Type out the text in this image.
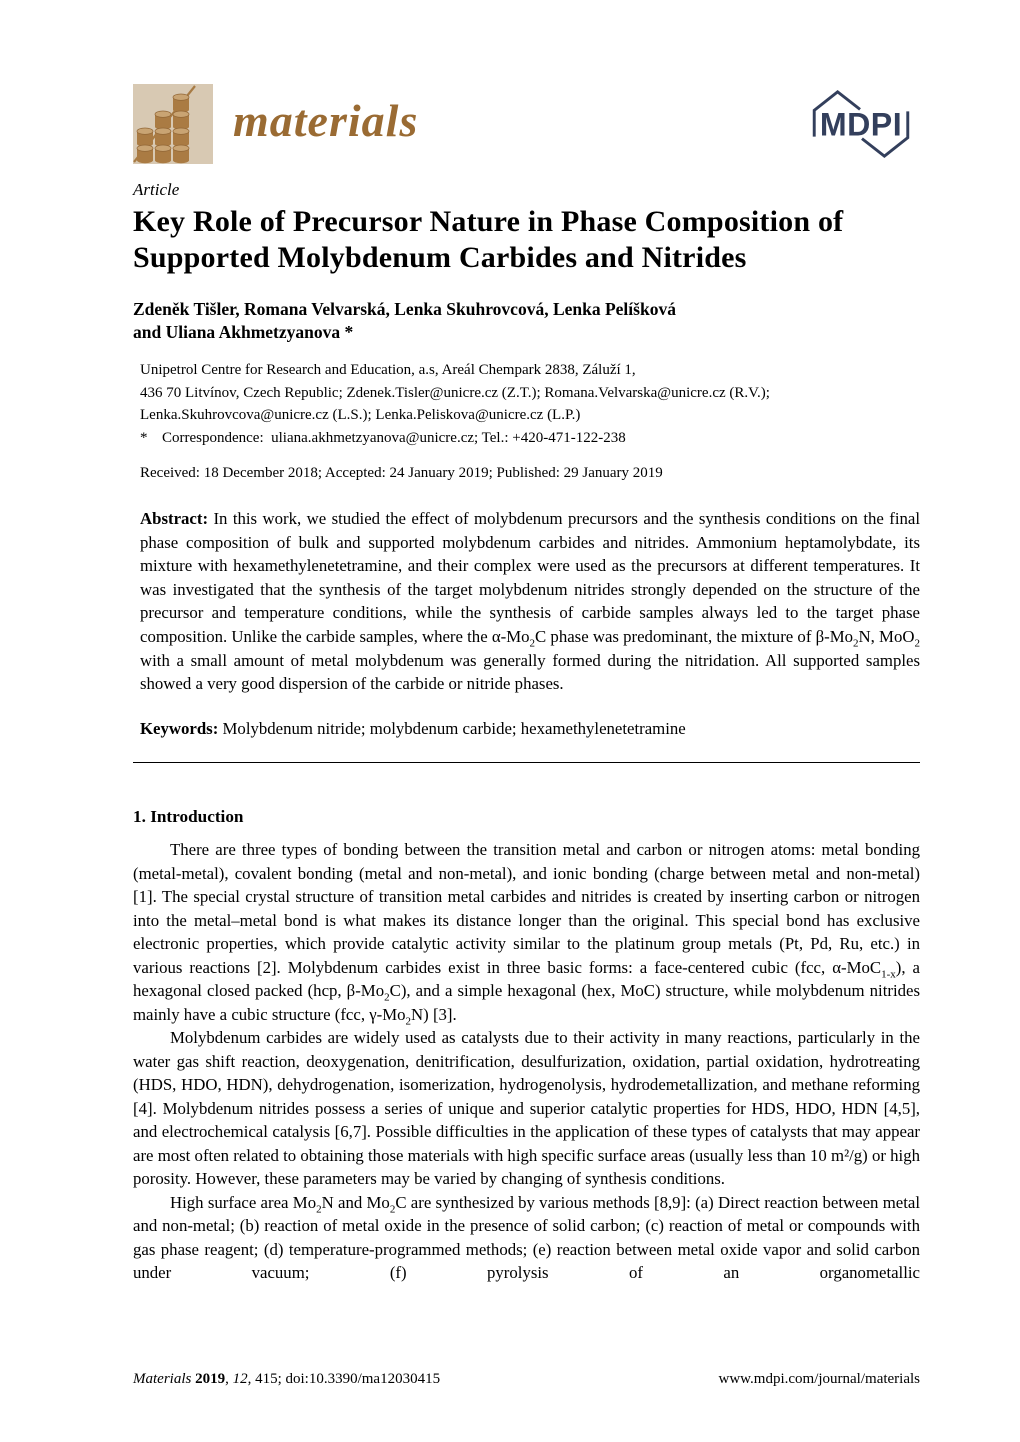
materials	MDPI
Article
Key Role of Precursor Nature in Phase Composition of Supported Molybdenum Carbides and Nitrides
Zdeněk Tišler, Romana Velvarská, Lenka Skuhrovcová, Lenka Pelíšková
and Uliana Akhmetzyanova *
Unipetrol Centre for Research and Education, a.s, Areál Chempark 2838, Záluží 1,
436 70 Litvínov, Czech Republic; Zdenek.Tisler@unicre.cz (Z.T.); Romana.Velvarska@unicre.cz (R.V.);
Lenka.Skuhrovcova@unicre.cz (L.S.); Lenka.Peliskova@unicre.cz (L.P.)
* Correspondence:  uliana.akhmetzyanova@unicre.cz; Tel.: +420-471-122-238
Received: 18 December 2018; Accepted: 24 January 2019; Published: 29 January 2019

Abstract: In this work, we studied the effect of molybdenum precursors and the synthesis conditions on the final phase composition of bulk and supported molybdenum carbides and nitrides. Ammonium heptamolybdate, its mixture with hexamethylenetetramine, and their complex were used as the precursors at different temperatures. It was investigated that the synthesis of the target molybdenum nitrides strongly depended on the structure of the precursor and temperature conditions, while the synthesis of carbide samples always led to the target phase composition. Unlike the carbide samples, where the $\alpha-Mo_2C$ phase was predominant, the mixture of $\beta-Mo_2N$, MoO$_2$ with a small amount of metal molybdenum was generally formed during the nitridation. All supported samples showed a very good dispersion of the carbide or nitride phases.

Keywords: Molybdenum nitride; molybdenum carbide; hexamethylenetetramine

1. Introduction

There are three types of bonding between the transition metal and carbon or nitrogen atoms: metal bonding (metal-metal), covalent bonding (metal and non-metal), and ionic bonding (charge between metal and non-metal) [1]. The special crystal structure of transition metal carbides and nitrides is created by inserting carbon or nitrogen into the metal–metal bond is what makes its distance longer than the original. This special bond has exclusive electronic properties, which provide catalytic activity similar to the platinum group metals (Pt, Pd, Ru, etc.) in various reactions [2]. Molybdenum carbides exist in three basic forms: a face-centered cubic (fcc, α-MoC$_{1-x}$), a hexagonal closed packed (hcp, $\beta-Mo_2C$), and a simple hexagonal (hex, MoC) structure, while molybdenum nitrides mainly have a cubic structure (fcc, $\gamma-Mo_2N$) [3].

Molybdenum carbides are widely used as catalysts due to their activity in many reactions, particularly in the water gas shift reaction, deoxygenation, denitrification, desulfurization, oxidation, partial oxidation, hydrotreating (HDS, HDO, HDN), dehydrogenation, isomerization, hydrogenolysis, hydrodemetallization, and methane reforming [4]. Molybdenum nitrides possess a series of unique and superior catalytic properties for HDS, HDO, HDN [4,5], and electrochemical catalysis [6,7]. Possible difficulties in the application of these types of catalysts that may appear are most often related to obtaining those materials with high specific surface areas (usually less than 10 m²/g) or high porosity. However, these parameters may be varied by changing of synthesis conditions.

High surface area $Mo_2N$ and $Mo_2C$ are synthesized by various methods [8,9]: (a) Direct reaction between metal and non-metal; (b) reaction of metal oxide in the presence of solid carbon; (c) reaction of metal or compounds with gas phase reagent; (d) temperature-programmed methods; (e) reaction between metal oxide vapor and solid carbon under vacuum; (f) pyrolysis of an organometallic

Materials 2019, 12, 415; doi:10.3390/ma12030415	www.mdpi.com/journal/materials
